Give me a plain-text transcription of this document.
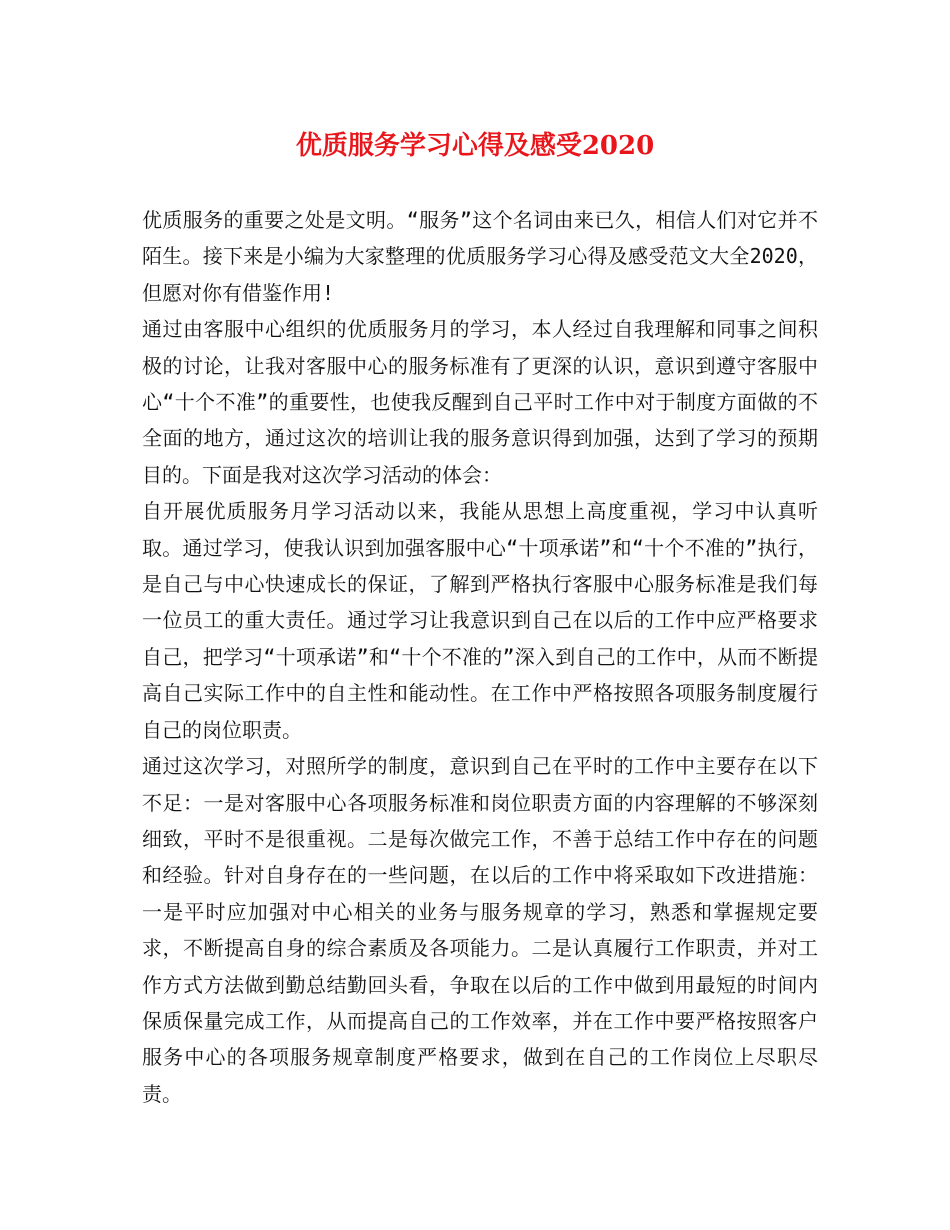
优质服务学习心得及感受2020

优质服务的重要之处是文明。“服务”这个名词由来已久，相信人们对它并不陌生。接下来是小编为大家整理的优质服务学习心得及感受范文大全2020，但愿对你有借鉴作用!

通过由客服中心组织的优质服务月的学习，本人经过自我理解和同事之间积极的讨论，让我对客服中心的服务标准有了更深的认识，意识到遵守客服中心“十个不准”的重要性，也使我反醒到自己平时工作中对于制度方面做的不全面的地方，通过这次的培训让我的服务意识得到加强，达到了学习的预期目的。下面是我对这次学习活动的体会：

自开展优质服务月学习活动以来，我能从思想上高度重视，学习中认真听取。通过学习，使我认识到加强客服中心“十项承诺”和“十个不准的”执行，是自己与中心快速成长的保证，了解到严格执行客服中心服务标准是我们每一位员工的重大责任。通过学习让我意识到自己在以后的工作中应严格要求自己，把学习“十项承诺”和“十个不准的”深入到自己的工作中，从而不断提高自己实际工作中的自主性和能动性。在工作中严格按照各项服务制度履行自己的岗位职责。

通过这次学习，对照所学的制度，意识到自己在平时的工作中主要存在以下不足：一是对客服中心各项服务标准和岗位职责方面的内容理解的不够深刻细致，平时不是很重视。二是每次做完工作，不善于总结工作中存在的问题和经验。针对自身存在的一些问题，在以后的工作中将采取如下改进措施：一是平时应加强对中心相关的业务与服务规章的学习，熟悉和掌握规定要求，不断提高自身的综合素质及各项能力。二是认真履行工作职责，并对工作方式方法做到勤总结勤回头看，争取在以后的工作中做到用最短的时间内保质保量完成工作，从而提高自己的工作效率，并在工作中要严格按照客户服务中心的各项服务规章制度严格要求，做到在自己的工作岗位上尽职尽责。
